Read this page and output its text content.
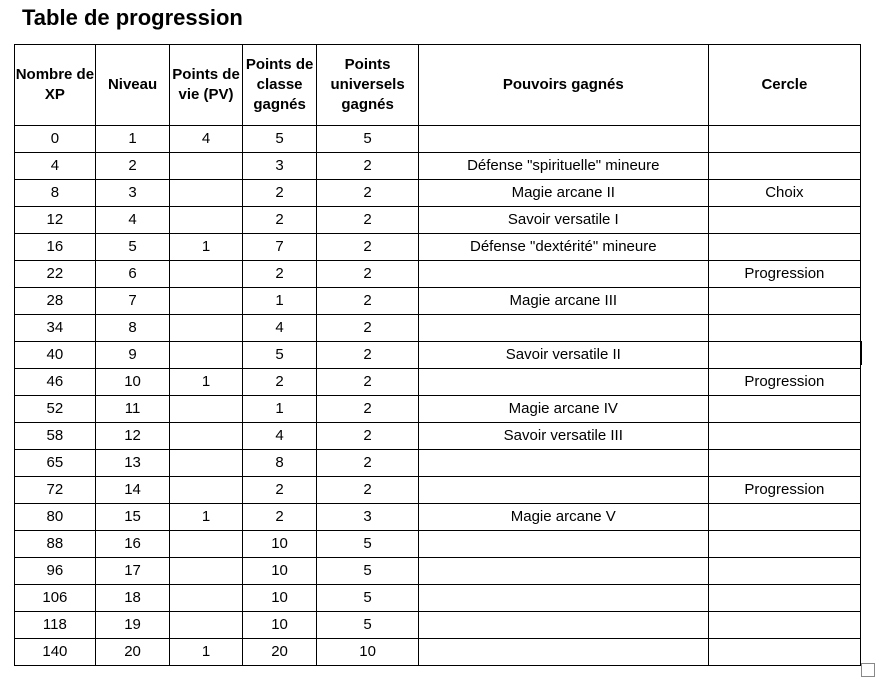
Table de progression
Nombre de XP	Niveau	Points de vie (PV)	Points de classe gagnés	Points universels gagnés	Pouvoirs gagnés	Cercle
0	1	4	5	5		
4	2		3	2	Défense "spirituelle" mineure	
8	3		2	2	Magie arcane II	Choix
12	4		2	2	Savoir versatile I	
16	5	1	7	2	Défense "dextérité" mineure	
22	6		2	2		Progression
28	7		1	2	Magie arcane III	
34	8		4	2		
40	9		5	2	Savoir versatile II	
46	10	1	2	2		Progression
52	11		1	2	Magie arcane IV	
58	12		4	2	Savoir versatile III	
65	13		8	2		
72	14		2	2		Progression
80	15	1	2	3	Magie arcane V	
88	16		10	5		
96	17		10	5		
106	18		10	5		
118	19		10	5		
140	20	1	20	10		
